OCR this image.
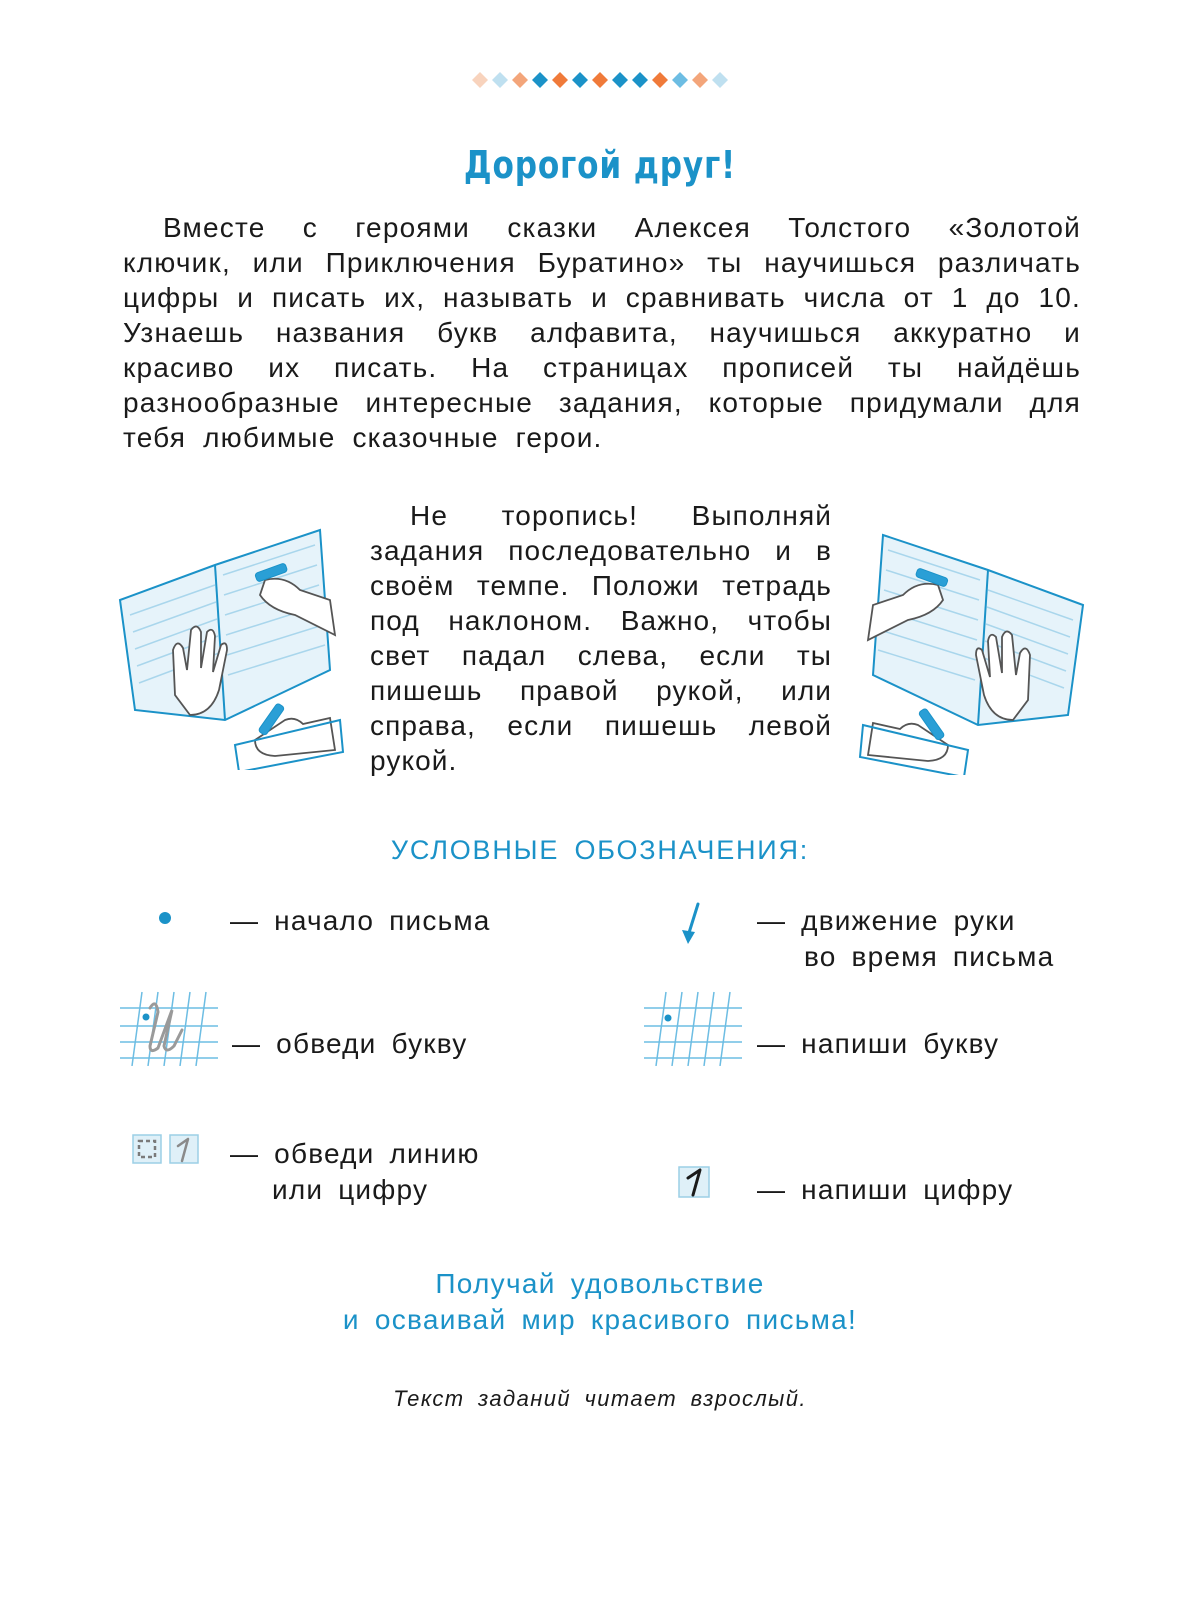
Дорогой друг!

Вместе с героями сказки Алексея Толстого «Золотой ключик, или Приключения Буратино» ты научишься различать цифры и писать их, называть и сравнивать числа от 1 до 10. Узнаешь названия букв алфавита, научишься аккуратно и красиво их писать. На страницах прописей ты найдёшь разнообразные интересные задания, которые придумали для тебя любимые сказочные герои.

Не торопись! Выполняй задания последовательно и в своём темпе. Положи тетрадь под наклоном. Важно, чтобы свет падал слева, если ты пишешь правой рукой, или справа, если пишешь левой рукой.

УСЛОВНЫЕ ОБОЗНАЧЕНИЯ:
— начало письма	— движение руки
во время письма
— обведи букву	— напиши букву
— обведи линию
или цифру	— напиши цифру
Получай удовольствие
и осваивай мир красивого письма!
Текст заданий читает взрослый.
